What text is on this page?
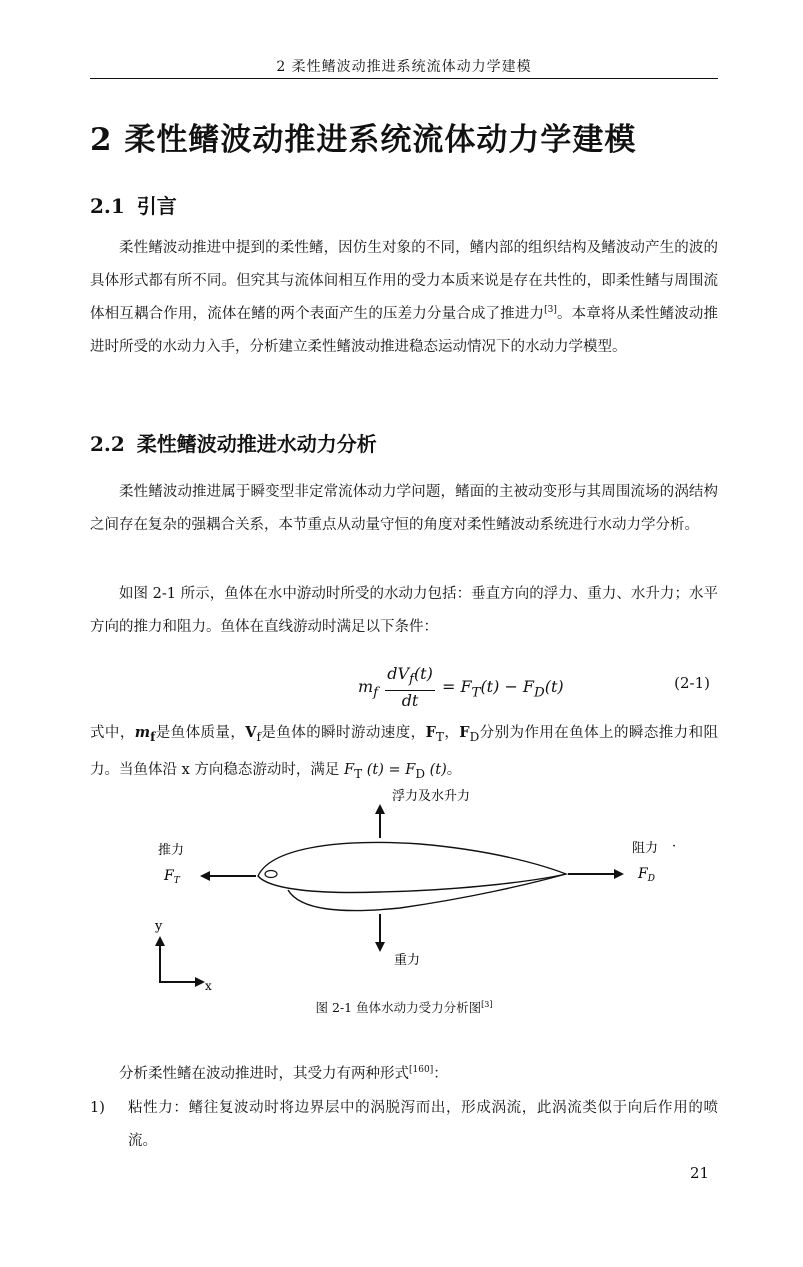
2 柔性鳍波动推进系统流体动力学建模
2 柔性鳍波动推进系统流体动力学建模
2.1 引言

柔性鳍波动推进中提到的柔性鳍，因仿生对象的不同，鳍内部的组织结构及鳍波动产生的波的具体形式都有所不同。但究其与流体间相互作用的受力本质来说是存在共性的，即柔性鳍与周围流体相互耦合作用，流体在鳍的两个表面产生的压差力分量合成了推进力[3]。本章将从柔性鳍波动推进时所受的水动力入手，分析建立柔性鳍波动推进稳态运动情况下的水动力学模型。

2.2 柔性鳍波动推进水动力分析

柔性鳍波动推进属于瞬变型非定常流体动力学问题，鳍面的主被动变形与其周围流场的涡结构之间存在复杂的强耦合关系，本节重点从动量守恒的角度对柔性鳍波动系统进行水动力学分析。

如图 2-1 所示，鱼体在水中游动时所受的水动力包括：垂直方向的浮力、重力、水升力；水平方向的推力和阻力。鱼体在直线游动时满足以下条件：

$m_f \frac{dV_f(t)}{dt} = F_T(t) - F_D(t)$	(2-1)

式中，$m_f$是鱼体质量，$V_f$是鱼体的瞬时游动速度，$F_T$，$F_D$分别为作用在鱼体上的瞬态推力和阻力。当鱼体沿 x 方向稳态游动时，满足 $F_T$ $(t) = F_D$ (t)。

浮力及水升力
重力
推力
$F_T$
阻力 ·
$F_D$
y
x
图 2-1 鱼体水动力受力分析图[3]

分析柔性鳍在波动推进时，其受力有两种形式[160]：

1) 粘性力：鳍往复波动时将边界层中的涡脱泻而出，形成涡流，此涡流类似于向后作用的喷流。
21
